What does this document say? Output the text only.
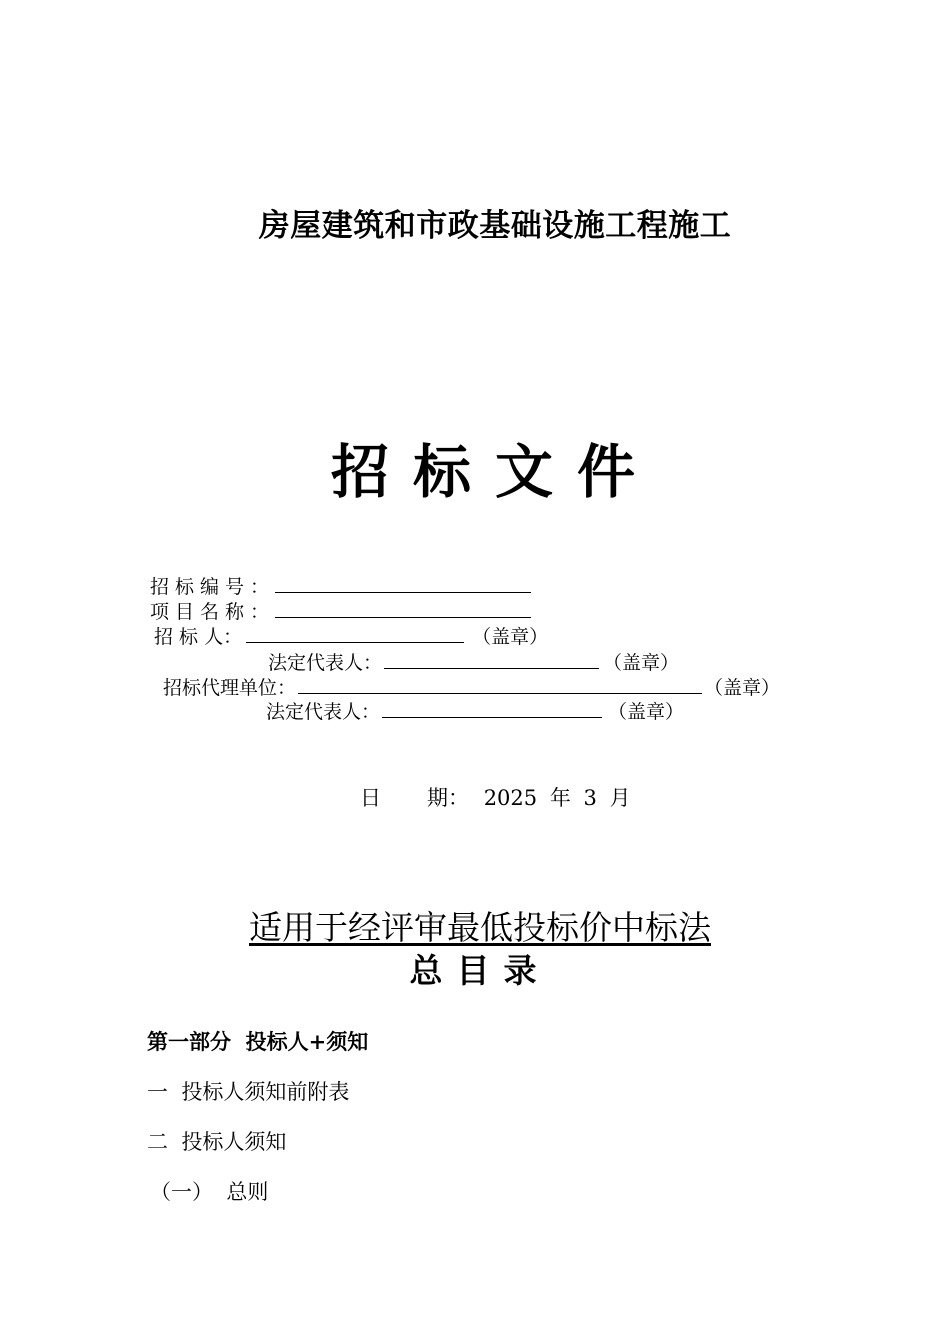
房屋建筑和市政基础设施工程施工
招标文件
招标编号：
项目名称：
招 标 人：	（盖章）
法定代表人：	（盖章）
招标代理单位：	（盖章）
法定代表人：	（盖章）
日 期： 2025 年 3 月
适用于经评审最低投标价中标法
总目录
第一部分  投标人+须知
一  投标人须知前附表
二  投标人须知
（一）  总则
